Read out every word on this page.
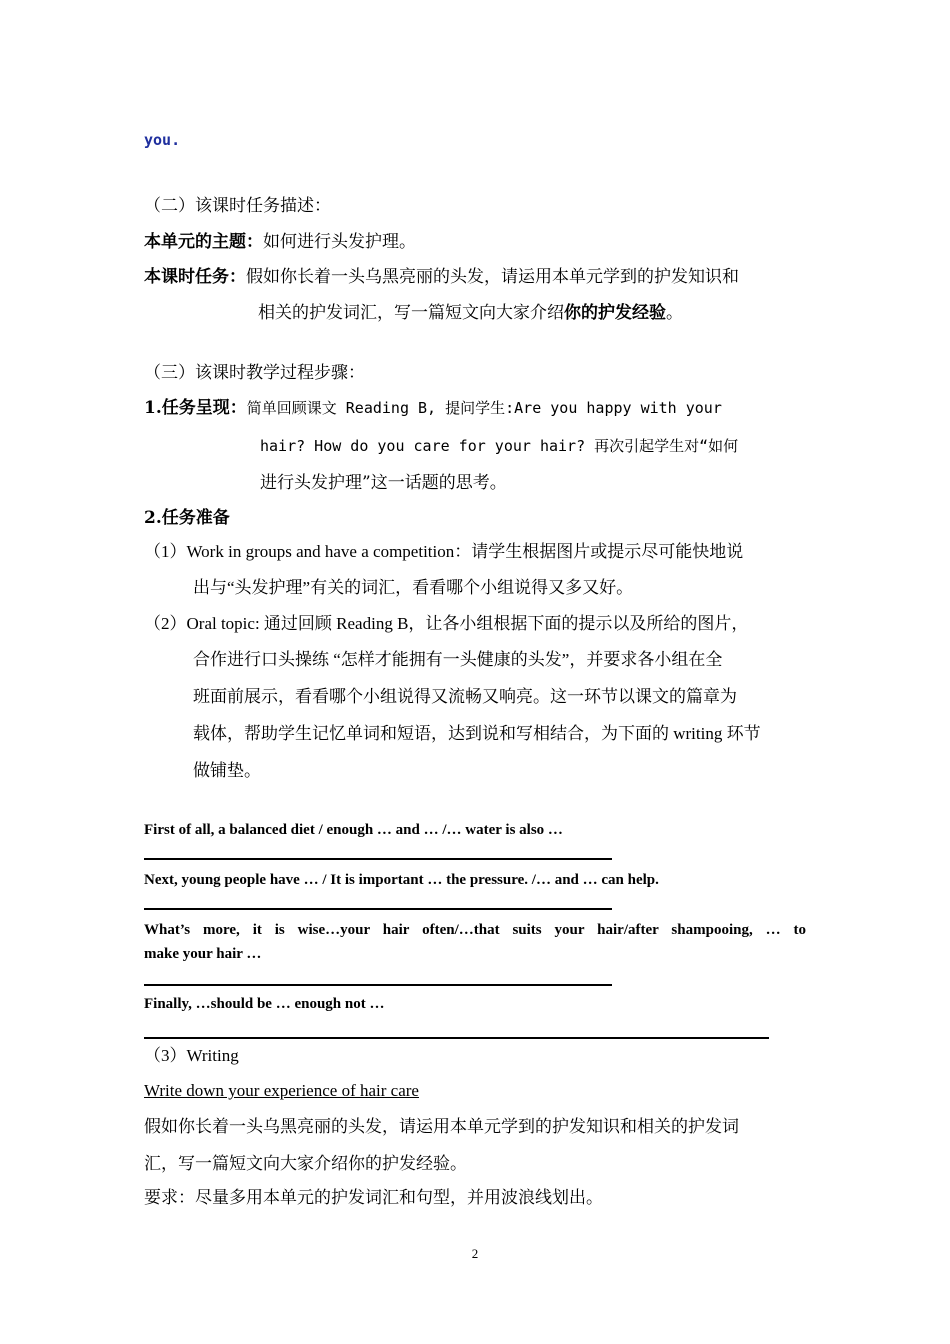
you.
（二）该课时任务描述：
本单元的主题：如何进行头发护理。
本课时任务：假如你长着一头乌黑亮丽的头发，请运用本单元学到的护发知识和
相关的护发词汇，写一篇短文向大家介绍你的护发经验。
（三）该课时教学过程步骤：
1.任务呈现：简单回顾课文 Reading B, 提问学生:Are you happy with your
hair? How do you care for your hair? 再次引起学生对“如何
进行头发护理”这一话题的思考。
2.任务准备
（1）Work in groups and have a competition：请学生根据图片或提示尽可能快地说
出与“头发护理”有关的词汇，看看哪个小组说得又多又好。
（2）Oral topic: 通过回顾 Reading B，让各小组根据下面的提示以及所给的图片，
合作进行口头操练 “怎样才能拥有一头健康的头发”，并要求各小组在全
班面前展示，看看哪个小组说得又流畅又响亮。这一环节以课文的篇章为
载体，帮助学生记忆单词和短语，达到说和写相结合，为下面的 writing 环节
做铺垫。
First of all, a balanced diet / enough … and … /… water is also …
Next, young people have … / It is important … the pressure. /… and … can help.
What’s more, it is wise…your hair often/…that suits your hair/after shampooing, … to
make your hair …
Finally, …should be … enough not …
（3）Writing
Write down your experience of hair care
假如你长着一头乌黑亮丽的头发，请运用本单元学到的护发知识和相关的护发词
汇，写一篇短文向大家介绍你的护发经验。
要求：尽量多用本单元的护发词汇和句型，并用波浪线划出。
2
